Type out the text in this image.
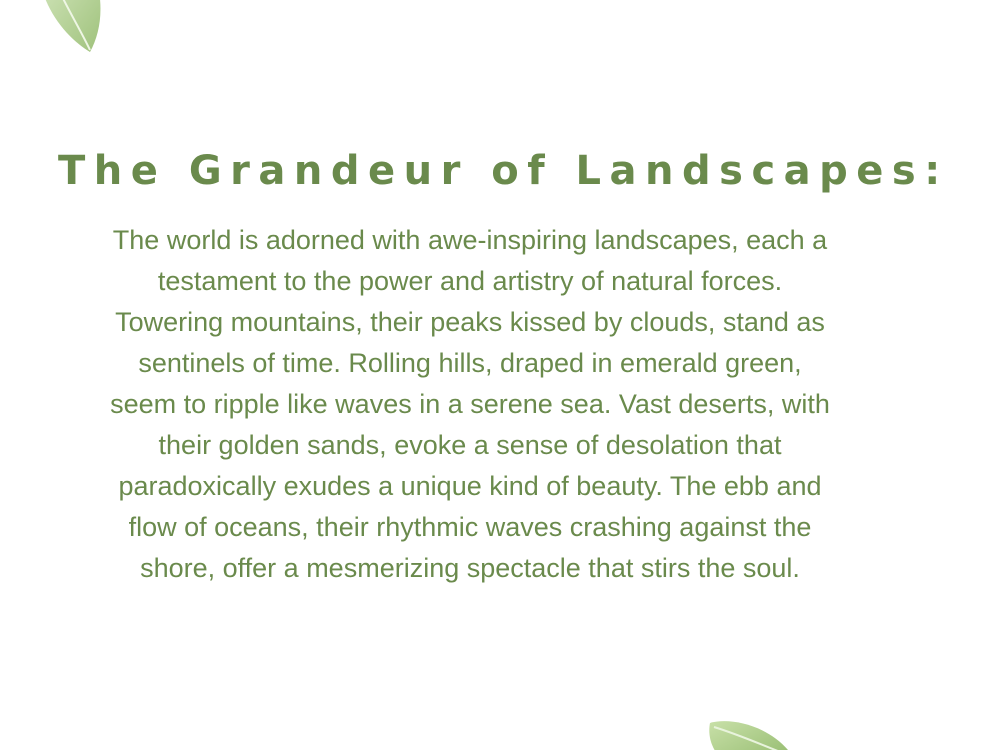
The Grandeur of Landscapes:

The world is adorned with awe-inspiring landscapes, each a
testament to the power and artistry of natural forces.
Towering mountains, their peaks kissed by clouds, stand as
sentinels of time. Rolling hills, draped in emerald green,
seem to ripple like waves in a serene sea. Vast deserts, with
their golden sands, evoke a sense of desolation that
paradoxically exudes a unique kind of beauty. The ebb and
flow of oceans, their rhythmic waves crashing against the
shore, offer a mesmerizing spectacle that stirs the soul.
